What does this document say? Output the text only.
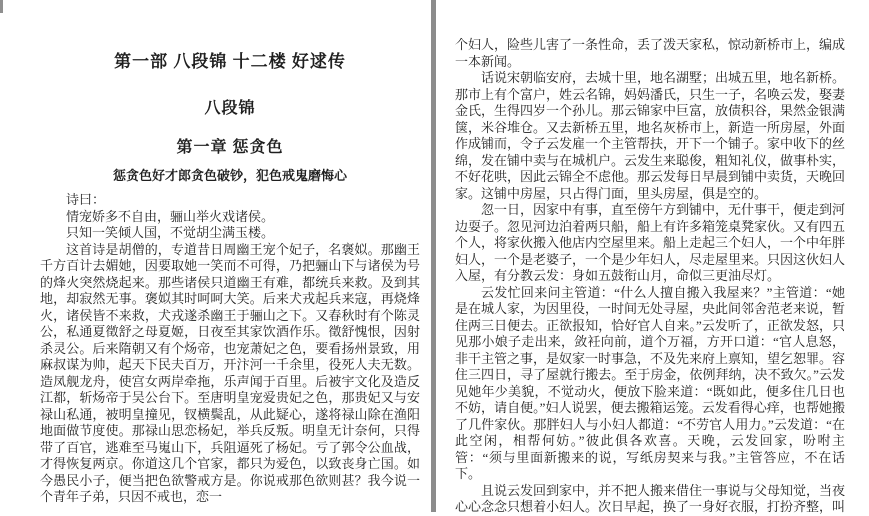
第一部 八段锦 十二楼 好逑传
八段锦
第一章 惩贪色

惩贪色好才郎贪色破钞，犯色戒鬼磨悔心

诗曰：

情宠娇多不自由，骊山举火戏诸侯。

只知一笑倾人国，不觉胡尘满玉楼。

这首诗是胡僧的，专道昔日周幽王宠个妃子，名褒姒。那幽王千方百计去媚她，因要取她一笑而不可得，乃把骊山下与诸侯为号的烽火突然烧起来。那些诸侯只道幽王有难，都统兵来救。及到其地，却寂然无事。褒姒其时呵呵大笑。后来犬戎起兵来寇，再烧烽火，诸侯皆不来救，犬戎遂杀幽王于骊山之下。又春秋时有个陈灵公，私通夏徵舒之母夏姬，日夜至其家饮酒作乐。徵舒愧恨，因射杀灵公。后来隋朝又有个炀帝，也宠萧妃之色，要看扬州景致，用麻叔谋为帅，起天下民夫百万，开汴河一千余里，役死人夫无数。造凤舰龙舟，使宫女两岸牵拖，乐声闻于百里。后被宇文化及造反江都，斩炀帝于吴公台下。至唐明皇宠爱贵妃之色，那贵妃又与安禄山私通，被明皇撞见，钗横鬓乱，从此疑心，遂将禄山除在渔阳地面做节度使。那禄山思恋杨妃，举兵反叛。明皇无计奈何，只得带了百官，逃难至马嵬山下，兵阻逼死了杨妃。亏了郭令公血战，才得恢复两京。你道这几个官家，都只为爱色，以致丧身亡国。如今愚民小子，便当把色欲警戒方是。你说戒那色欲则甚？我今说一个青年子弟，只因不戒也，恋一

个妇人，险些儿害了一条性命，丢了泼天家私，惊动新桥市上，编成一本新闻。

话说宋朝临安府，去城十里，地名湖墅；出城五里，地名新桥。那市上有个富户，姓云名锦，妈妈潘氏，只生一子，名唤云发，娶妻金氏，生得四岁一个孙儿。那云锦家中巨富，放债积谷，果然金银满箧，米谷堆仓。又去新桥五里，地名灰桥市上，新造一所房屋，外面作成铺而，令子云发雇一个主管帮扶，开下一个铺子。家中收下的丝绵，发在铺中卖与在城机户。云发生来聪俊，粗知礼仪，做事朴实，不好花哄，因此云锦全不虑他。那云发每日早晨到铺中卖货，天晚回家。这铺中房屋，只占得门面，里头房屋，俱是空的。

忽一日，因家中有事，直至傍午方到铺中，无什事干，便走到河边耍子。忽见河边泊着两只船，船上有许多箱笼桌凳家伙。又有四五个人，将家伙搬入他店内空屋里来。船上走起三个妇人，一个中年胖妇人，一个是老婆子，一个是少年妇人，尽走屋里来。只因这伙妇人入屋，有分教云发：身如五鼓衔山月，命似三更油尽灯。

云发忙回来问主管道：“什么人擅自搬入我屋来？”主管道：“她是在城人家，为因里役，一时间无处寻屋，央此间邻舍范老来说，暂住两三日便去。正欲报知，恰好官人自来。”云发听了，正欲发怒，只见那小娘子走出来，敛衽向前，道个万福，方开口道：“官人息怒，非干主管之事，是奴家一时事急，不及先来府上禀知，望乞恕罪。容住三四日，寻了屋就行搬去。至于房金，依例拜纳，决不致欠。”云发见她年少美貌，不觉动火，便放下脸来道：“既如此，便多住几日也不妨，请自便。”妇人说罢，便去搬箱运笼。云发看得心痒，也帮她搬了几件家伙。那胖妇人与小妇人都道：“不劳官人用力。”云发道：“在此空闲，相帮何妨。”彼此俱各欢喜。天晚，云发回家，吩咐主管：“须与里面新搬来的说，写纸房契来与我。”主管答应，不在话下。

且说云发回到家中，并不把人搬来借住一事说与父母知觉，当夜心心念念只想着小妇人。次日早起，换了一身好衣服，打扮齐整，叫
